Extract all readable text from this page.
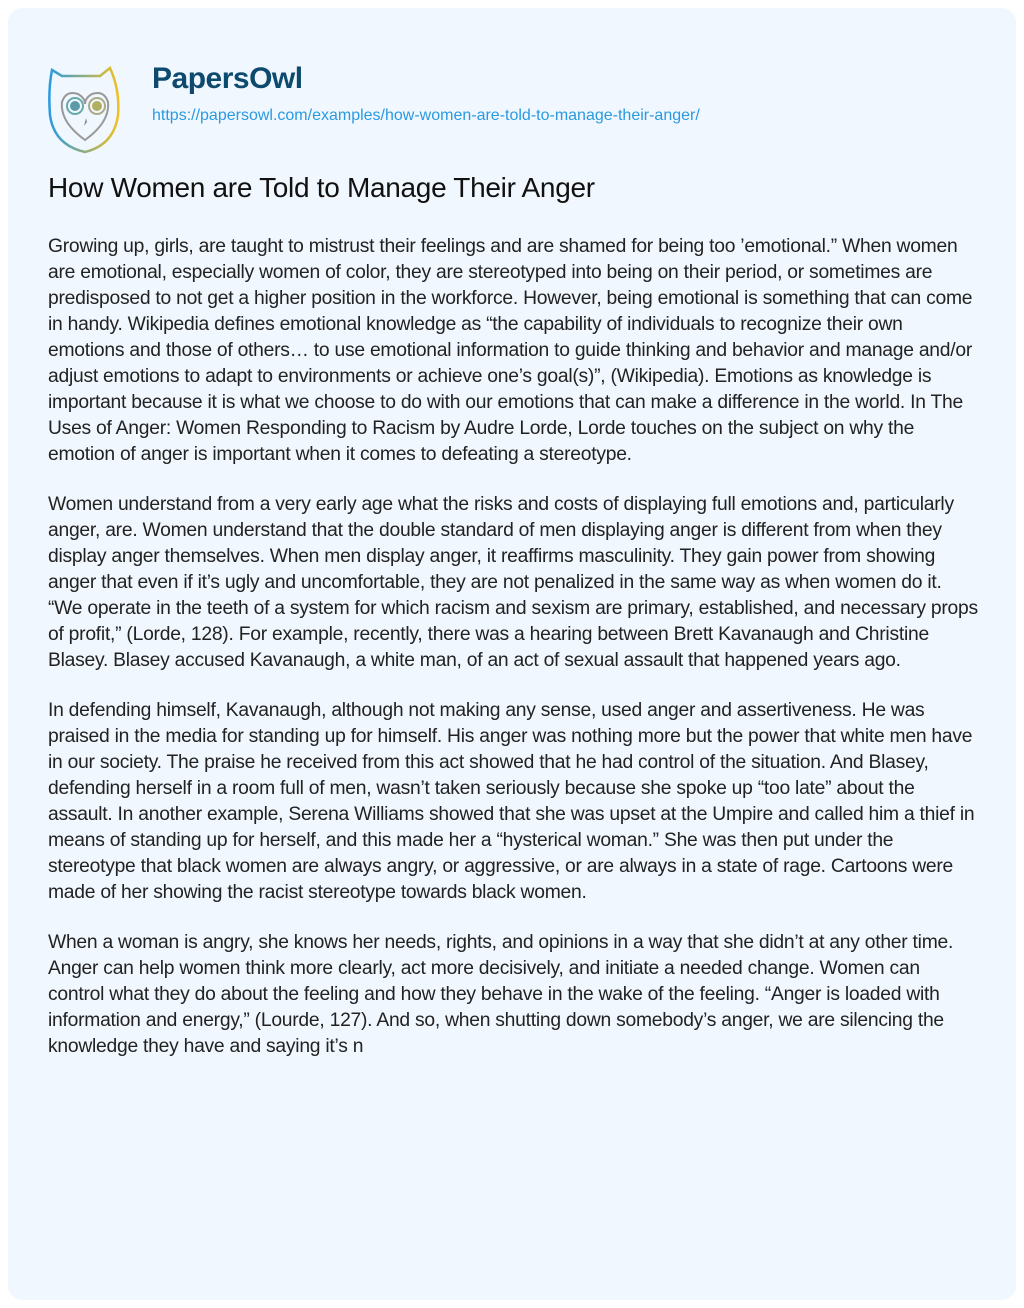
PapersOwl
https://papersowl.com/examples/how-women-are-told-to-manage-their-anger/
How Women are Told to Manage Their Anger

Growing up, girls, are taught to mistrust their feelings and are shamed for being too ’emotional.” When women are emotional, especially women of color, they are stereotyped into being on their period, or sometimes are predisposed to not get a higher position in the workforce. However, being emotional is something that can come in handy. Wikipedia defines emotional knowledge as “the capability of individuals to recognize their own emotions and those of others… to use emotional information to guide thinking and behavior and manage and/or adjust emotions to adapt to environments or achieve one’s goal(s)”, (Wikipedia). Emotions as knowledge is important because it is what we choose to do with our emotions that can make a difference in the world. In The Uses of Anger: Women Responding to Racism by Audre Lorde, Lorde touches on the subject on why the emotion of anger is important when it comes to defeating a stereotype.

Women understand from a very early age what the risks and costs of displaying full emotions and, particularly anger, are. Women understand that the double standard of men displaying anger is different from when they display anger themselves. When men display anger, it reaffirms masculinity. They gain power from showing anger that even if it’s ugly and uncomfortable, they are not penalized in the same way as when women do it. “We operate in the teeth of a system for which racism and sexism are primary, established, and necessary props of profit,” (Lorde, 128). For example, recently, there was a hearing between Brett Kavanaugh and Christine Blasey. Blasey accused Kavanaugh, a white man, of an act of sexual assault that happened years ago.

In defending himself, Kavanaugh, although not making any sense, used anger and assertiveness. He was praised in the media for standing up for himself. His anger was nothing more but the power that white men have in our society. The praise he received from this act showed that he had control of the situation. And Blasey, defending herself in a room full of men, wasn’t taken seriously because she spoke up “too late” about the assault. In another example, Serena Williams showed that she was upset at the Umpire and called him a thief in means of standing up for herself, and this made her a “hysterical woman.” She was then put under the stereotype that black women are always angry, or aggressive, or are always in a state of rage. Cartoons were made of her showing the racist stereotype towards black women.

When a woman is angry, she knows her needs, rights, and opinions in a way that she didn’t at any other time. Anger can help women think more clearly, act more decisively, and initiate a needed change. Women can control what they do about the feeling and how they behave in the wake of the feeling. “Anger is loaded with information and energy,” (Lourde, 127). And so, when shutting down somebody’s anger, we are silencing the knowledge they have and saying it’s n
